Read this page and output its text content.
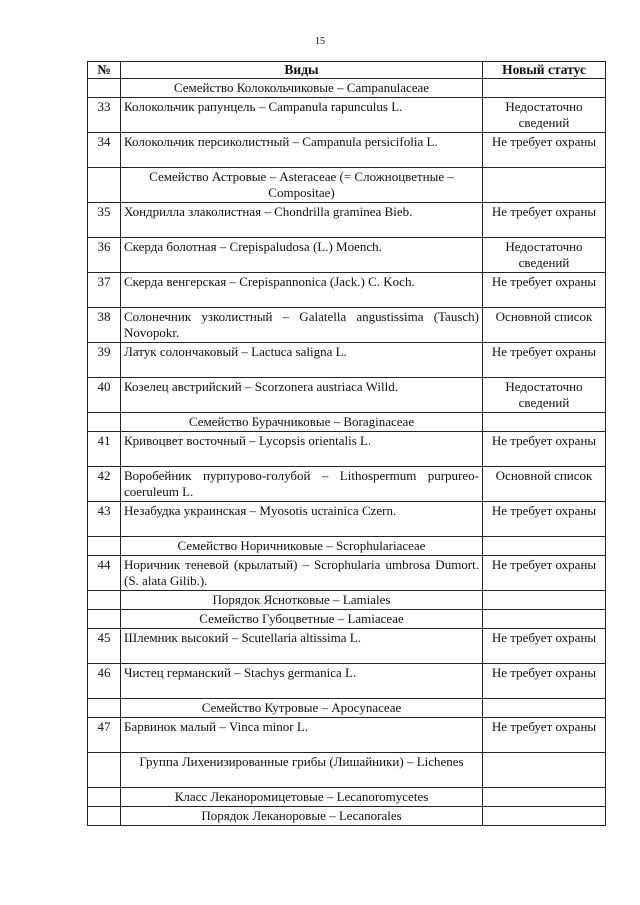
15
№	Виды	Новый статус
	Семейство Колокольчиковые – Campanulaceae	
33	Колокольчик рапунцель – Campanula rapunculus L.	Недостаточно сведений
34	Колокольчик персиколистный – Campanula persicifolia L.	Не требует охраны
	Семейство Астровые – Asteraceae (= Сложноцветные – Compositae)	
35	Хондрилла злаколистная – Chondrilla graminea Bieb.	Не требует охраны
36	Скерда болотная – Crepispaludosa (L.) Moench.	Недостаточно сведений
37	Скерда венгерская – Crepispannonica (Jack.) C. Koch.	Не требует охраны
38	Солонечник узколистный – Galatella angustissima (Tausch) Novopokr.	Основной список
39	Латук солончаковый – Lactuca saligna L.	Не требует охраны
40	Козелец австрийский – Scorzonera austriaca Willd.	Недостаточно сведений
	Семейство Бурачниковые – Boraginaceae	
41	Кривоцвет восточный – Lycopsis orientalis L.	Не требует охраны
42	Воробейник пурпурово-голубой – Lithospermum purpureo-coeruleum L.	Основной список
43	Незабудка украинская – Myosotis ucrainica Czern.	Не требует охраны
	Семейство Норичниковые – Scrophulariaceae	
44	Норичник теневой (крылатый) – Scrophularia umbrosa Dumort. (S. alata Gilib.).	Не требует охраны
	Порядок Яснотковые – Lamiales	
	Семейство Губоцветные – Lamiaceae	
45	Шлемник высокий – Scutellaria altissima L.	Не требует охраны
46	Чистец германский – Stachys germanica L.	Не требует охраны
	Семейство Кутровые – Apocynaceae	
47	Барвинок малый – Vinca minor L.	Не требует охраны
	Группа Лихенизированные грибы (Лишайники) – Lichenes	
	Класс Леканоромицетовые – Lecanoromycetes	
	Порядок Леканоровые – Lecanorales	
